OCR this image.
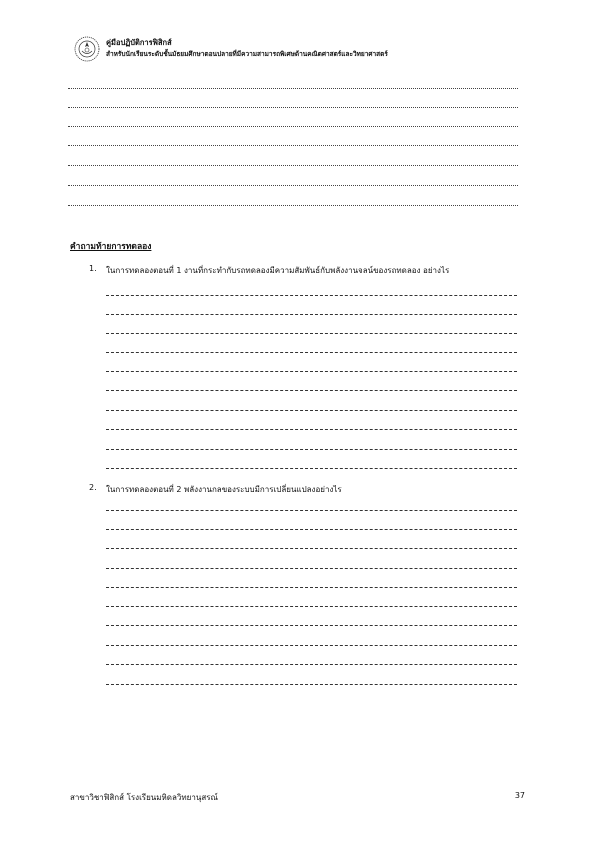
คู่มือปฏิบัติการฟิสิกส์
สำหรับนักเรียนระดับชั้นมัธยมศึกษาตอนปลายที่มีความสามารถพิเศษด้านคณิตศาสตร์และวิทยาศาสตร์
คำถามท้ายการทดลอง
1. ในการทดลองตอนที่ 1 งานที่กระทำกับรถทดลองมีความสัมพันธ์กับพลังงานจลน์ของรถทดลอง อย่างไร
2. ในการทดลองตอนที่ 2 พลังงานกลของระบบมีการเปลี่ยนแปลงอย่างไร
สาขาวิชาฟิสิกส์ โรงเรียนมหิดลวิทยานุสรณ์	37
